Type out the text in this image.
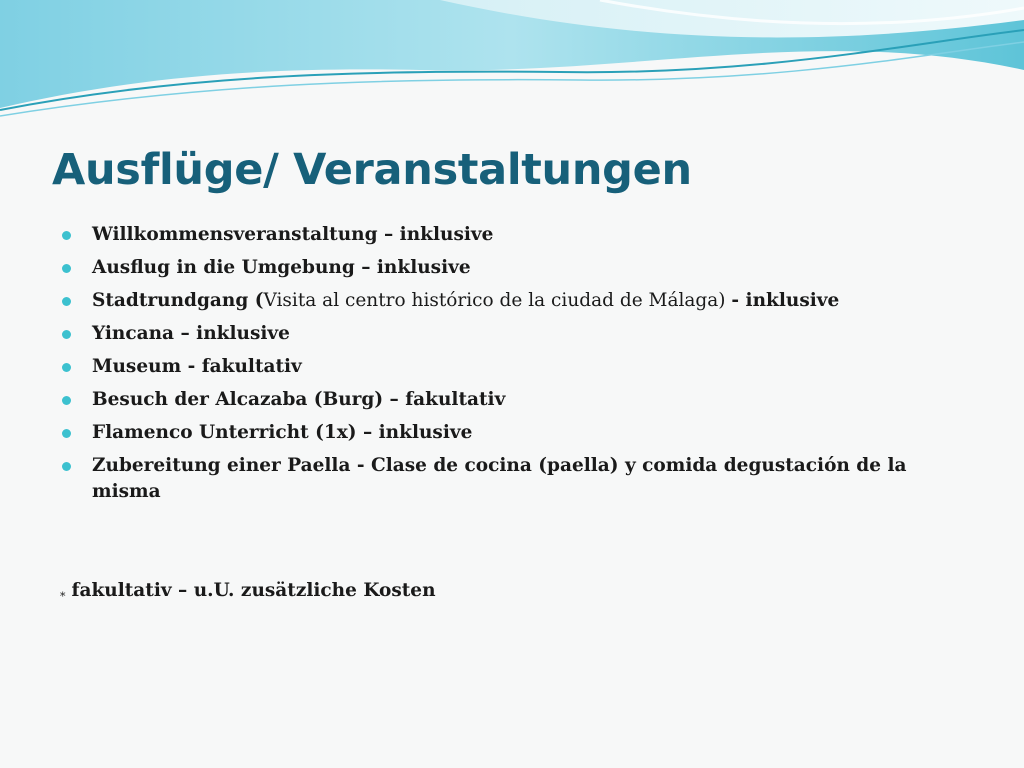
Ausflüge/ Veranstaltungen
Willkommensveranstaltung – inklusive
Ausflug in die Umgebung – inklusive
Stadtrundgang (Visita al centro histórico de la ciudad de Málaga) - inklusive
Yincana – inklusive
Museum - fakultativ
Besuch der Alcazaba (Burg) – fakultativ
Flamenco Unterricht (1x) – inklusive
Zubereitung einer Paella - Clase de cocina (paella) y comida degustación de la misma
$_*$ fakultativ – u.U. zusätzliche Kosten
